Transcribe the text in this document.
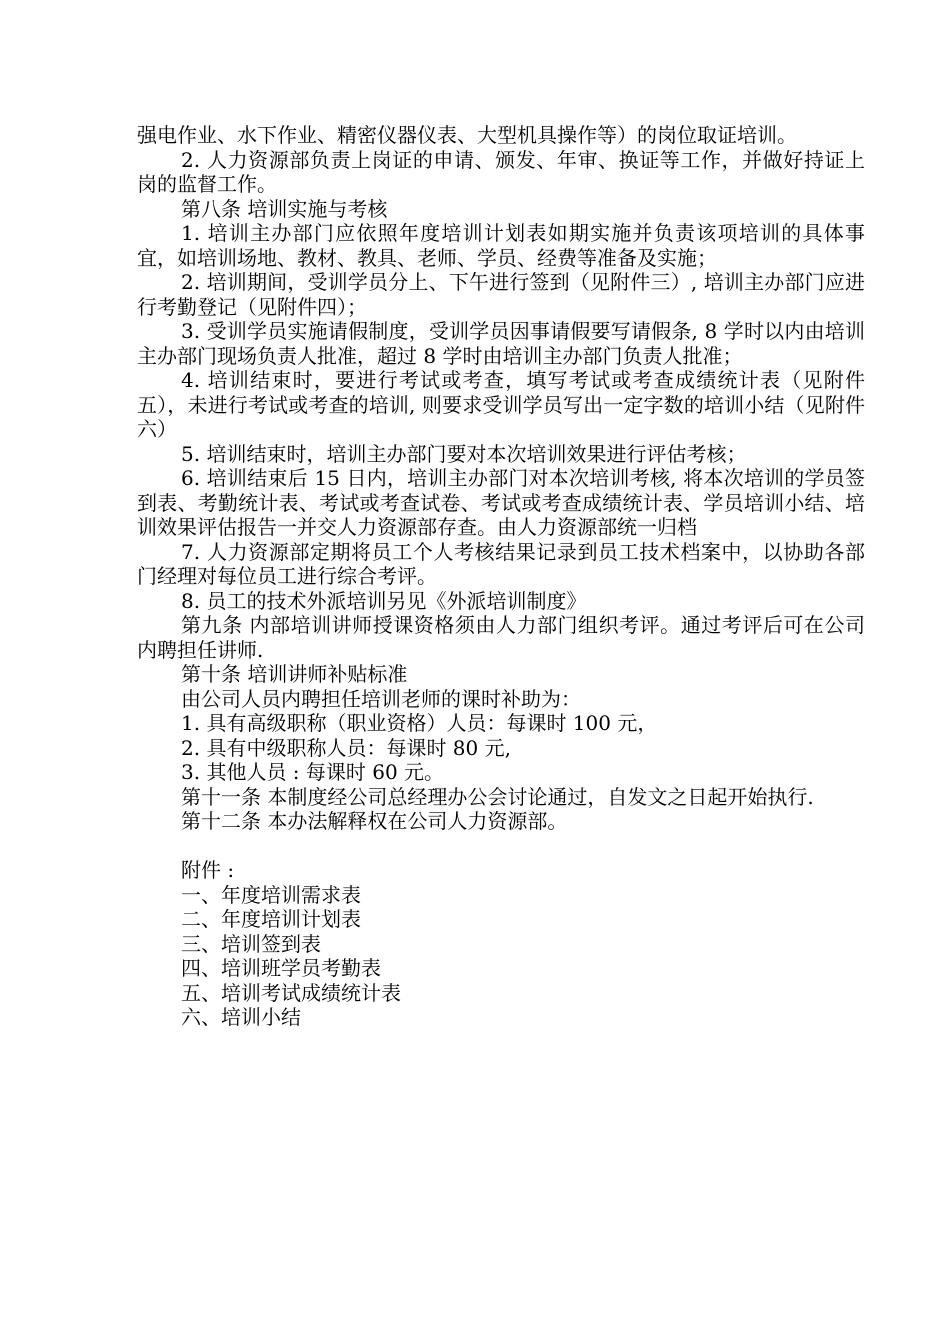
强电作业、水下作业、精密仪器仪表、大型机具操作等）的岗位取证培训。

2. 人力资源部负责上岗证的申请、颁发、年审、换证等工作，并做好持证上岗的监督工作。

第八条 培训实施与考核

1. 培训主办部门应依照年度培训计划表如期实施并负责该项培训的具体事宜，如培训场地、教材、教具、老师、学员、经费等准备及实施；

2. 培训期间，受训学员分上、下午进行签到（见附件三）, 培训主办部门应进行考勤登记（见附件四）；

3. 受训学员实施请假制度，受训学员因事请假要写请假条, 8 学时以内由培训主办部门现场负责人批准，超过 8 学时由培训主办部门负责人批准；

4. 培训结束时，要进行考试或考查，填写考试或考查成绩统计表（见附件五），未进行考试或考查的培训, 则要求受训学员写出一定字数的培训小结（见附件六）

5. 培训结束时，培训主办部门要对本次培训效果进行评估考核；

6. 培训结束后 15 日内，培训主办部门对本次培训考核, 将本次培训的学员签到表、考勤统计表、考试或考查试卷、考试或考查成绩统计表、学员培训小结、培训效果评估报告一并交人力资源部存查。由人力资源部统一归档

7. 人力资源部定期将员工个人考核结果记录到员工技术档案中，以协助各部门经理对每位员工进行综合考评。

8. 员工的技术外派培训另见《外派培训制度》

第九条 内部培训讲师授课资格须由人力部门组织考评。通过考评后可在公司内聘担任讲师.

第十条 培训讲师补贴标准

由公司人员内聘担任培训老师的课时补助为：

1. 具有高级职称（职业资格）人员：每课时 100 元，

2. 具有中级职称人员：每课时 80 元,

3. 其他人员 : 每课时 60 元。

第十一条 本制度经公司总经理办公会讨论通过，自发文之日起开始执行.

第十二条 本办法解释权在公司人力资源部。

附件 :

一、年度培训需求表

二、年度培训计划表

三、培训签到表

四、培训班学员考勤表

五、培训考试成绩统计表

六、培训小结
